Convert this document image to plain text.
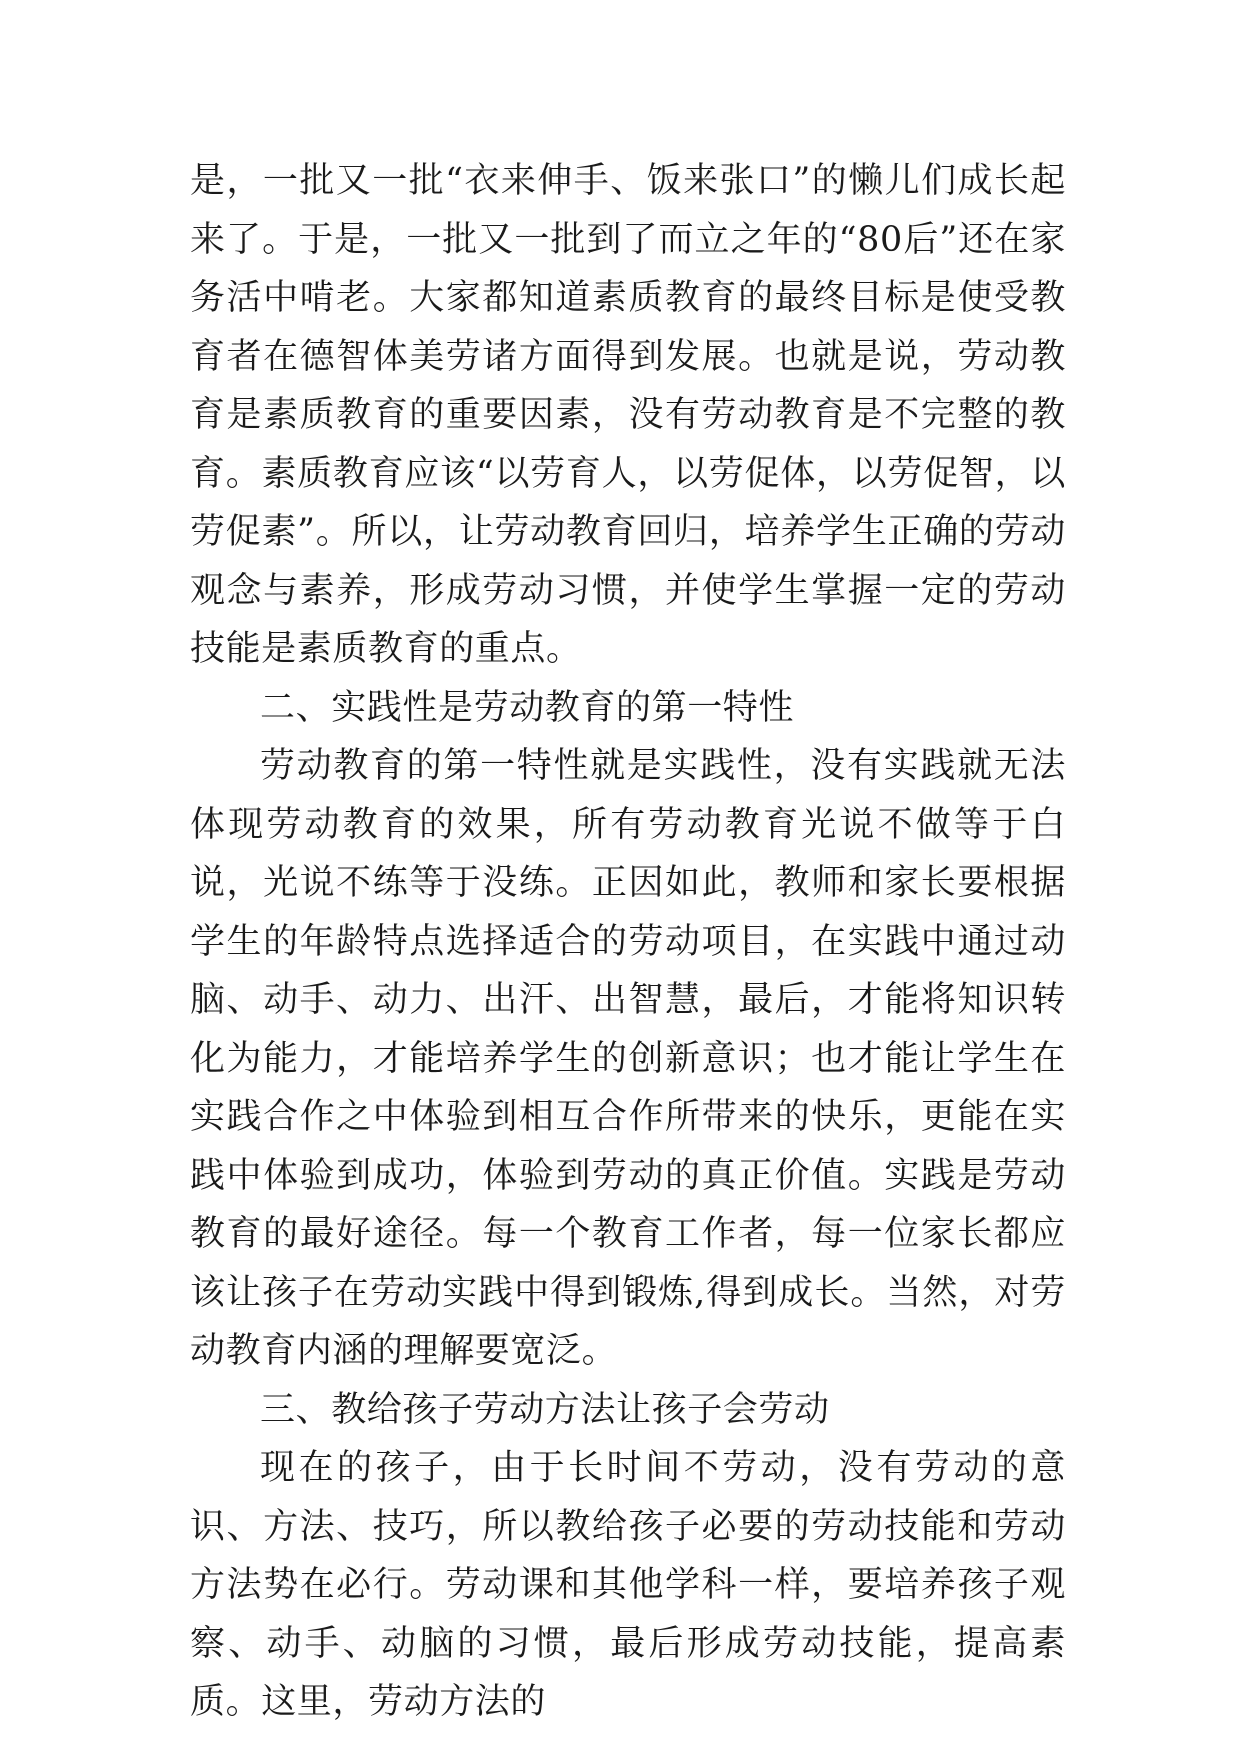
是，一批又一批“衣来伸手、饭来张口”的懒儿们成长起来了。于是，一批又一批到了而立之年的“80后”还在家务活中啃老。大家都知道素质教育的最终目标是使受教育者在德智体美劳诸方面得到发展。也就是说，劳动教育是素质教育的重要因素，没有劳动教育是不完整的教育。素质教育应该“以劳育人，以劳促体，以劳促智，以劳促素”。所以，让劳动教育回归，培养学生正确的劳动观念与素养，形成劳动习惯，并使学生掌握一定的劳动技能是素质教育的重点。

二、实践性是劳动教育的第一特性

劳动教育的第一特性就是实践性，没有实践就无法体现劳动教育的效果，所有劳动教育光说不做等于白说，光说不练等于没练。正因如此，教师和家长要根据学生的年龄特点选择适合的劳动项目，在实践中通过动脑、动手、动力、出汗、出智慧，最后，才能将知识转化为能力，才能培养学生的创新意识；也才能让学生在实践合作之中体验到相互合作所带来的快乐，更能在实践中体验到成功，体验到劳动的真正价值。实践是劳动教育的最好途径。每一个教育工作者，每一位家长都应该让孩子在劳动实践中得到锻炼,得到成长。当然，对劳动教育内涵的理解要宽泛。

三、教给孩子劳动方法让孩子会劳动

现在的孩子，由于长时间不劳动，没有劳动的意识、方法、技巧，所以教给孩子必要的劳动技能和劳动方法势在必行。劳动课和其他学科一样，要培养孩子观察、动手、动脑的习惯，最后形成劳动技能，提高素质。这里，劳动方法的
